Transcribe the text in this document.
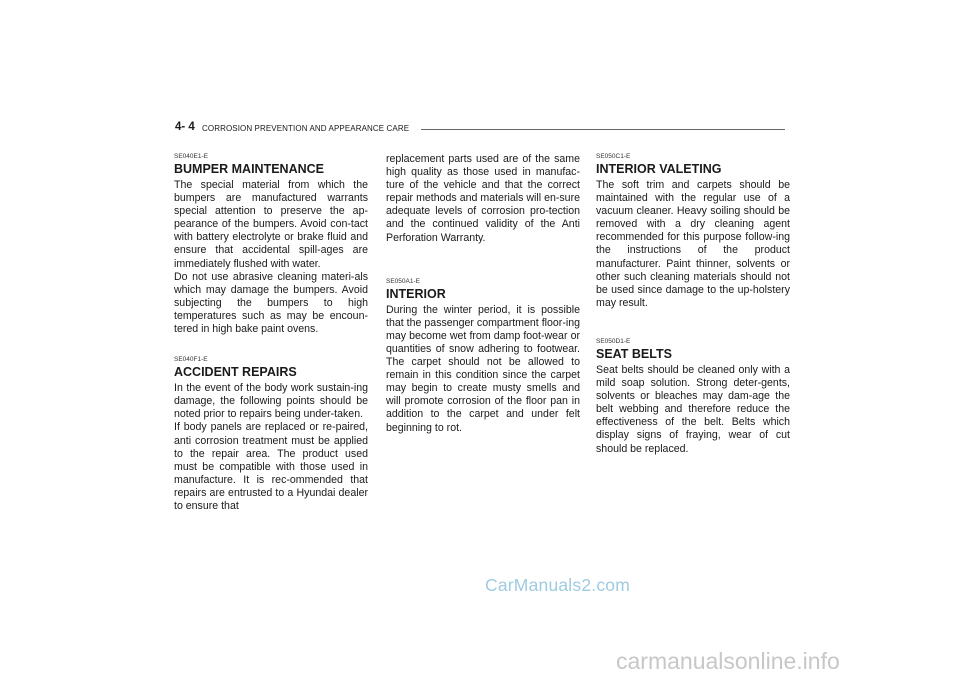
4- 4 CORROSION PREVENTION AND APPEARANCE CARE

SE040E1-E

BUMPER MAINTENANCE

The special material from which the bumpers are manufactured warrants special attention to preserve the ap-pearance of the bumpers. Avoid con-tact with battery electrolyte or brake fluid and ensure that accidental spill-ages are immediately flushed with water.
Do not use abrasive cleaning materi-als which may damage the bumpers. Avoid subjecting the bumpers to high temperatures such as may be encoun-tered in high bake paint ovens.

SE040F1-E

ACCIDENT REPAIRS

In the event of the body work sustain-ing damage, the following points should be noted prior to repairs being under-taken.
If body panels are replaced or re-paired, anti corrosion treatment must be applied to the repair area. The product used must be compatible with those used in manufacture. It is rec-ommended that repairs are entrusted to a Hyundai dealer to ensure that

replacement parts used are of the same high quality as those used in manufac-ture of the vehicle and that the correct repair methods and materials will en-sure adequate levels of corrosion pro-tection and the continued validity of the Anti Perforation Warranty.

SE050A1-E

INTERIOR

During the winter period, it is possible that the passenger compartment floor-ing may become wet from damp foot-wear or quantities of snow adhering to footwear. The carpet should not be allowed to remain in this condition since the carpet may begin to create musty smells and will promote corrosion of the floor pan in addition to the carpet and under felt beginning to rot.

SE050C1-E

INTERIOR VALETING

The soft trim and carpets should be maintained with the regular use of a vacuum cleaner. Heavy soiling should be removed with a dry cleaning agent recommended for this purpose follow-ing the instructions of the product manufacturer. Paint thinner, solvents or other such cleaning materials should not be used since damage to the up-holstery may result.

SE050D1-E

SEAT BELTS

Seat belts should be cleaned only with a mild soap solution. Strong deter-gents, solvents or bleaches may dam-age the belt webbing and therefore reduce the effectiveness of the belt. Belts which display signs of fraying, wear of cut should be replaced.

CarManuals2.com
carmanualsonline.info
